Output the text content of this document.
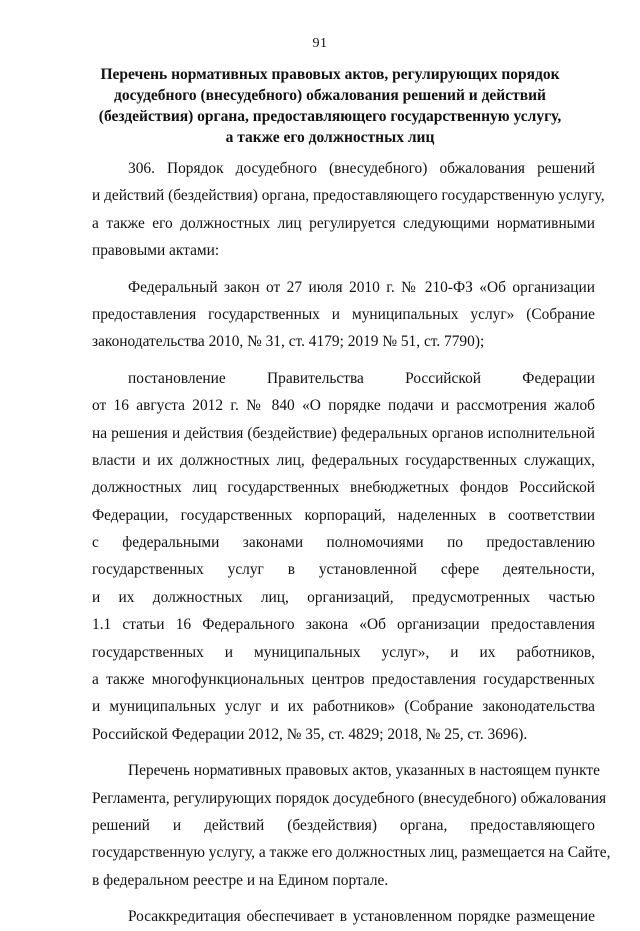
91
Перечень нормативных правовых актов, регулирующих порядок
досудебного (внесудебного) обжалования решений и действий
(бездействия) органа, предоставляющего государственную услугу,
а также его должностных лиц
306. Порядок досудебного (внесудебного) обжалования решений
и действий (бездействия) органа, предоставляющего государственную услугу,
а также его должностных лиц регулируется следующими нормативными
правовыми актами:
Федеральный закон от 27 июля 2010 г. № 210-ФЗ «Об организации
предоставления государственных и муниципальных услуг» (Собрание
законодательства 2010, № 31, ст. 4179; 2019 № 51, ст. 7790);
постановление Правительства Российской Федерации
от 16 августа 2012 г. № 840 «О порядке подачи и рассмотрения жалоб
на решения и действия (бездействие) федеральных органов исполнительной
власти и их должностных лиц, федеральных государственных служащих,
должностных лиц государственных внебюджетных фондов Российской
Федерации, государственных корпораций, наделенных в соответствии
с федеральными законами полномочиями по предоставлению
государственных услуг в установленной сфере деятельности,
и их должностных лиц, организаций, предусмотренных частью
1.1 статьи 16 Федерального закона «Об организации предоставления
государственных и муниципальных услуг», и их работников,
а также многофункциональных центров предоставления государственных
и муниципальных услуг и их работников» (Собрание законодательства
Российской Федерации 2012, № 35, ст. 4829; 2018, № 25, ст. 3696).
Перечень нормативных правовых актов, указанных в настоящем пункте
Регламента, регулирующих порядок досудебного (внесудебного) обжалования
решений и действий (бездействия) органа, предоставляющего
государственную услугу, а также его должностных лиц, размещается на Сайте,
в федеральном реестре и на Едином портале.
Росаккредитация обеспечивает в установленном порядке размещение
